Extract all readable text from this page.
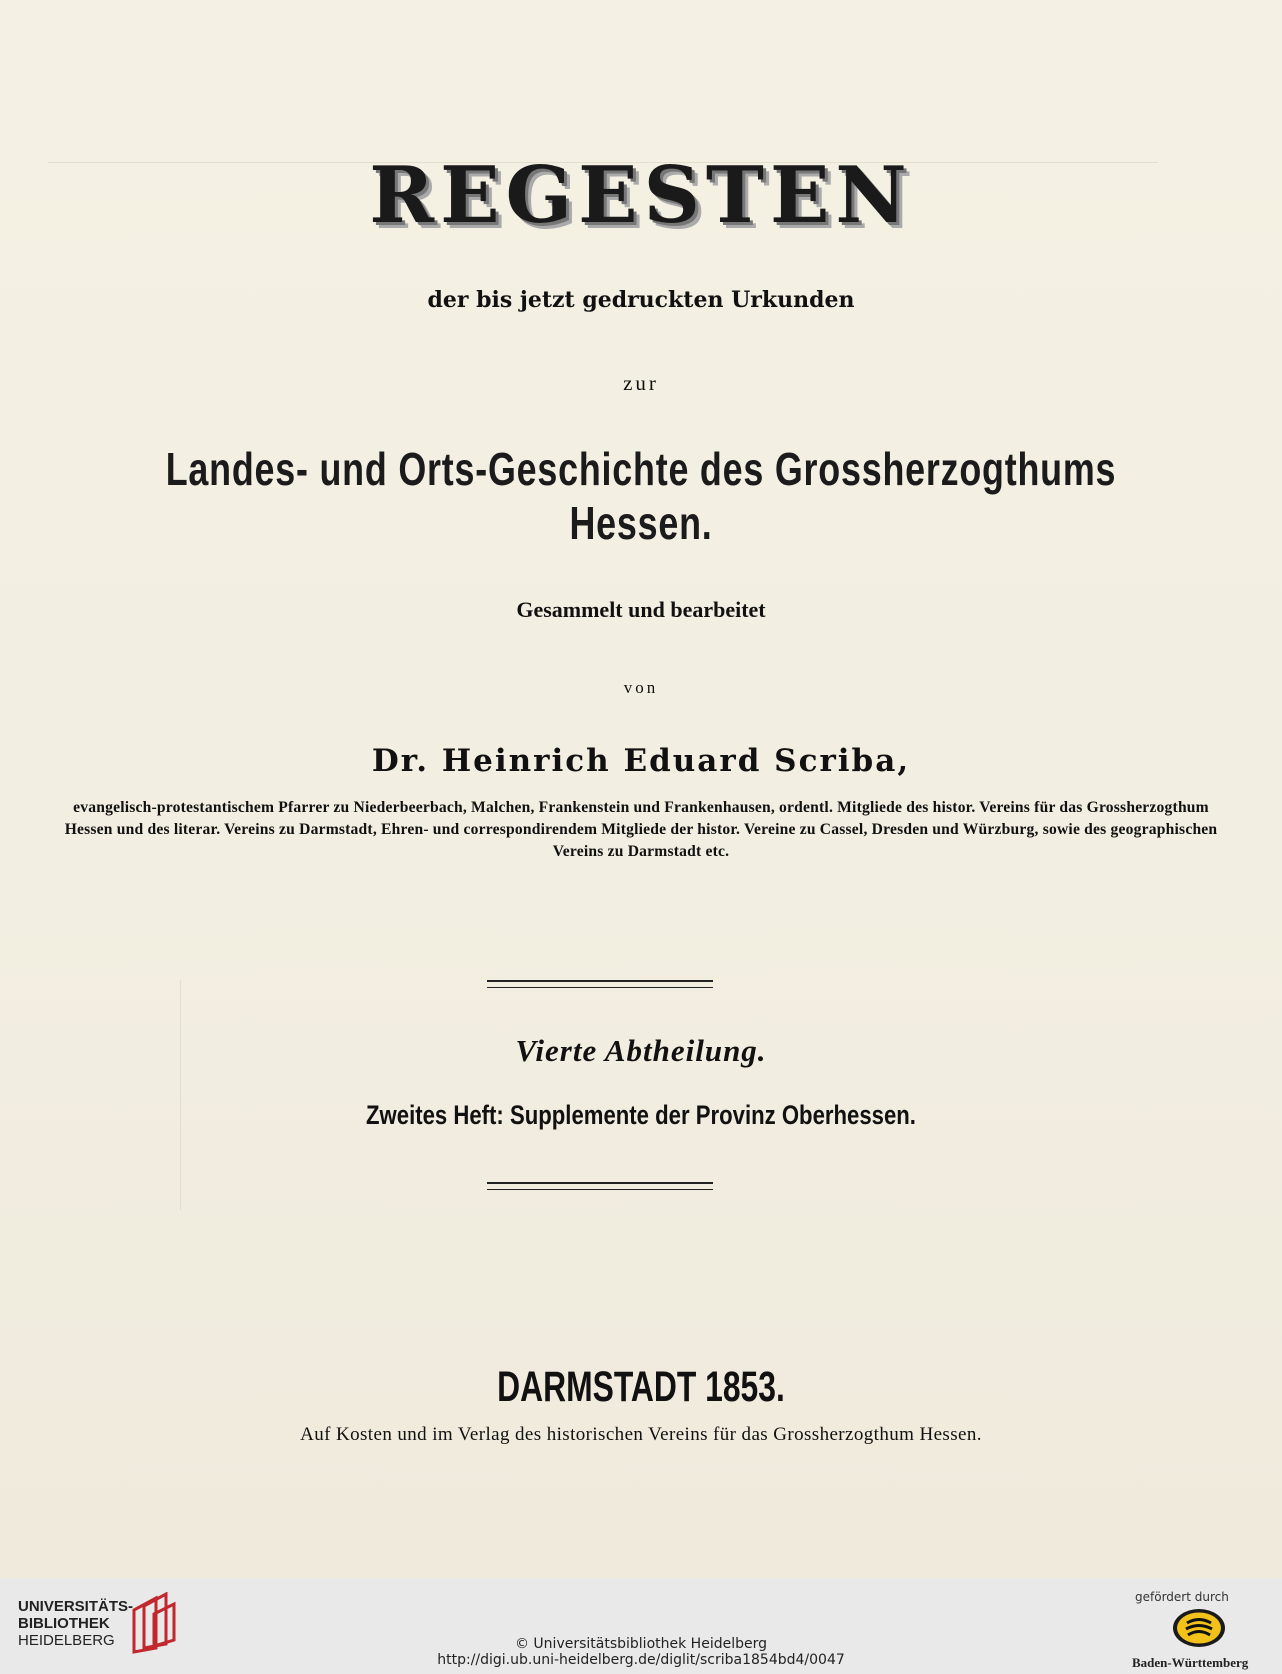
REGESTEN
der bis jetzt gedruckten Urkunden
zur
Landes- und Orts-Geschichte des Grossherzogthums Hessen.
Gesammelt und bearbeitet
von
Dr. Heinrich Eduard Scriba,
evangelisch-protestantischem Pfarrer zu Niederbeerbach, Malchen, Frankenstein und Frankenhausen, ordentl. Mitgliede des histor. Vereins für das Grossherzogthum Hessen und des literar. Vereins zu Darmstadt, Ehren- und correspondirendem Mitgliede der histor. Vereine zu Cassel, Dresden und Würzburg, sowie des geographischen Vereins zu Darmstadt etc.
Vierte Abtheilung.
Zweites Heft: Supplemente der Provinz Oberhessen.
DARMSTADT 1853.
Auf Kosten und im Verlag des historischen Vereins für das Grossherzogthum Hessen.
UNIVERSITÄTS-
BIBLIOTHEK
HEIDELBERG	© Universitätsbibliothek Heidelberg
http://digi.ub.uni-heidelberg.de/diglit/scriba1854bd4/0047
gefördert durch
Baden-Württemberg
